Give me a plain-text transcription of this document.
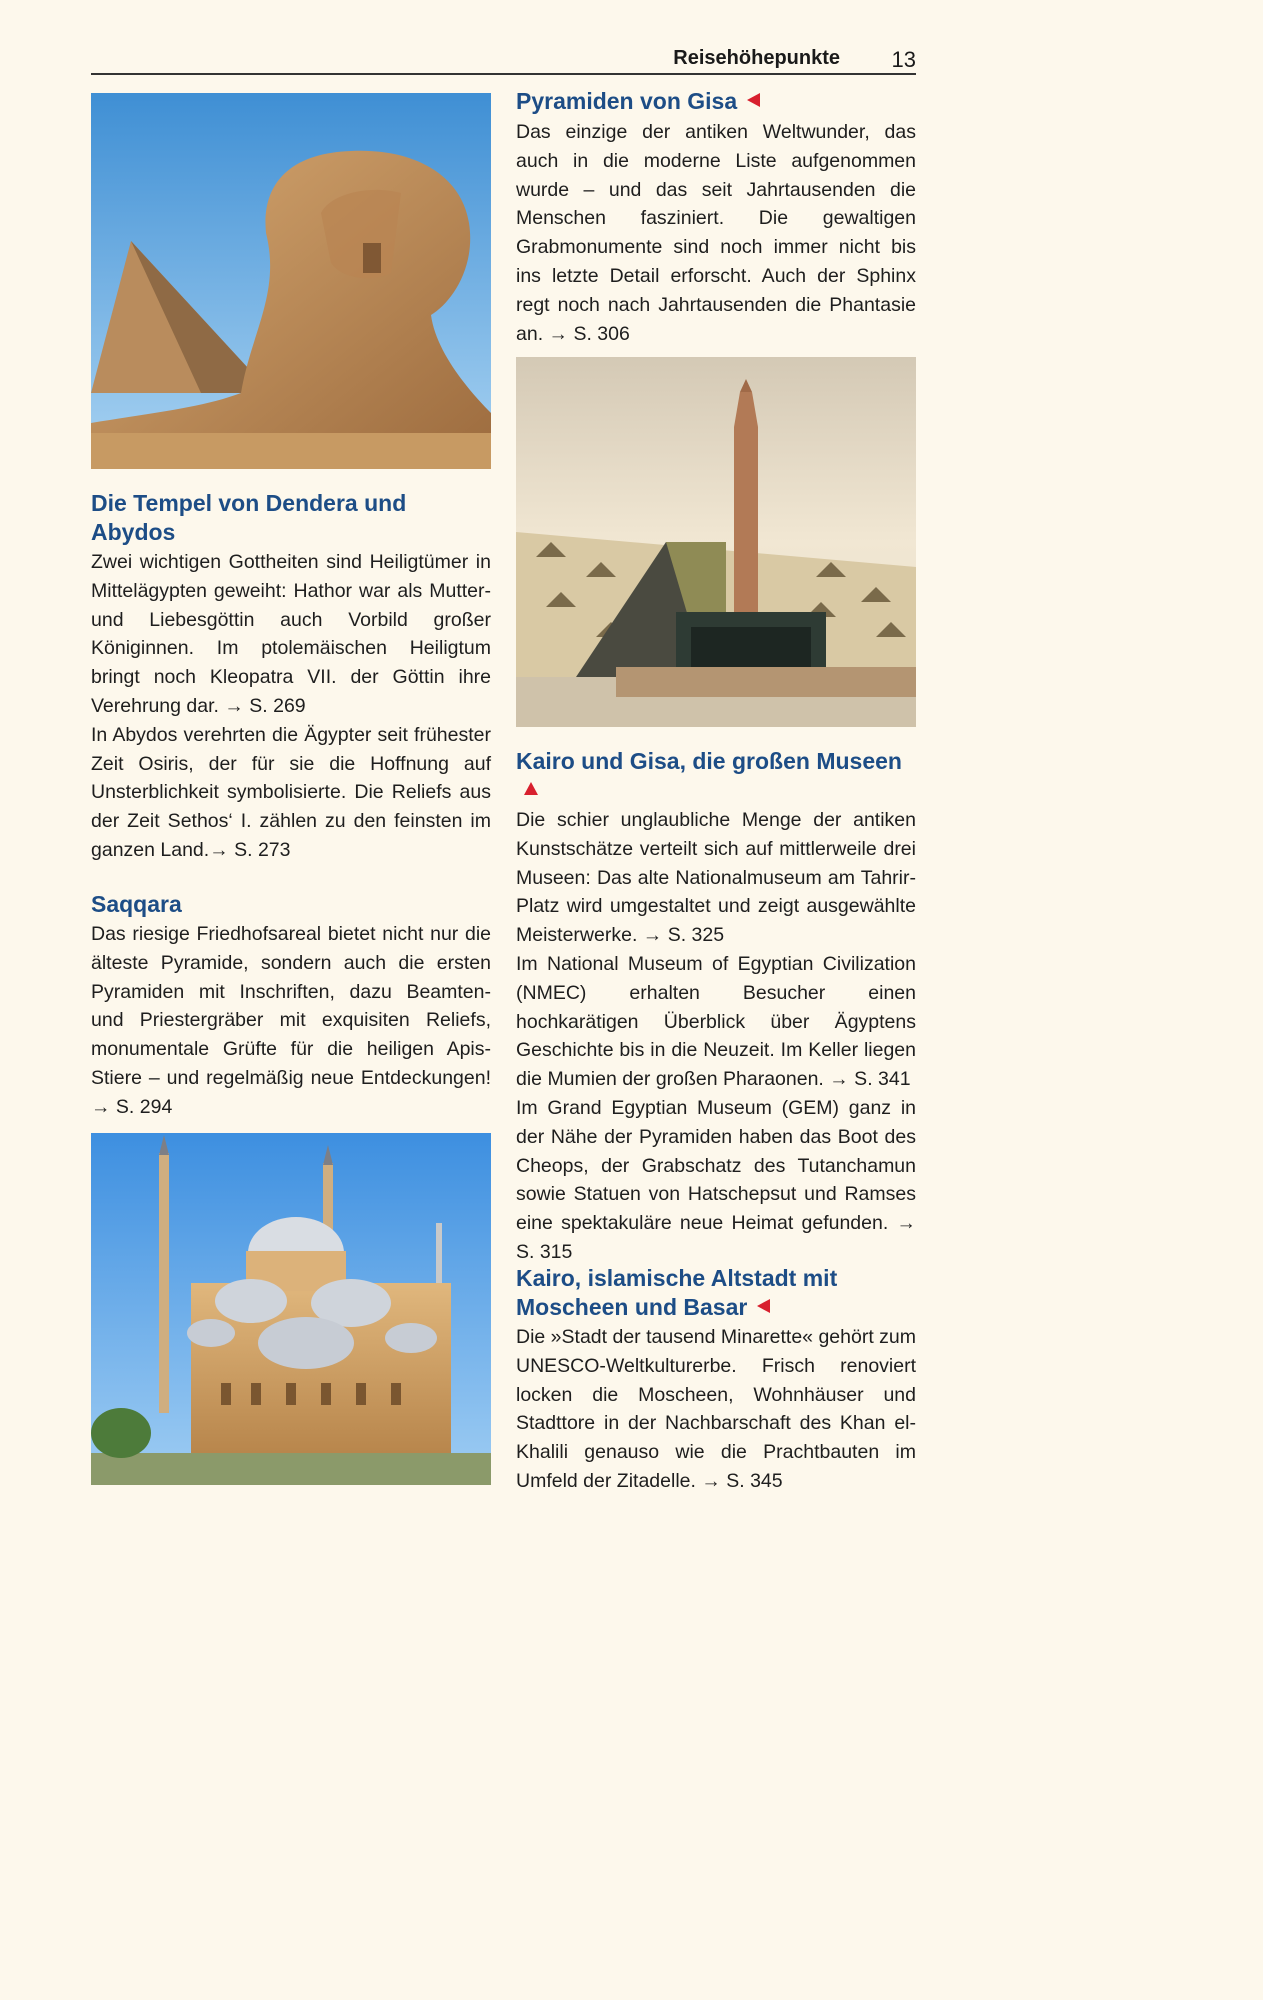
Reisehöhepunkte	13
Pyramiden von Gisa
Das einzige der antiken Weltwunder, das auch in die moderne Liste aufgenommen wurde – und das seit Jahrtausenden die Menschen fasziniert. Die gewaltigen Grabmonumente sind noch immer nicht bis ins letzte Detail erforscht. Auch der Sphinx regt noch nach Jahrtausenden die Phantasie an. → S. 306
Die Tempel von Dendera und Abydos
Zwei wichtigen Gottheiten sind Heiligtümer in Mittelägypten geweiht: Hathor war als Mutter- und Liebesgöttin auch Vorbild großer Königinnen. Im ptolemäischen Heiligtum bringt noch Kleopatra VII. der Göttin ihre Verehrung dar. → S. 269
In Abydos verehrten die Ägypter seit frühester Zeit Osiris, der für sie die Hoffnung auf Unsterblichkeit symbolisierte. Die Reliefs aus der Zeit Sethos‘ I. zählen zu den feinsten im ganzen Land.→ S. 273
Saqqara
Das riesige Friedhofsareal bietet nicht nur die älteste Pyramide, sondern auch die ersten Pyramiden mit Inschriften, dazu Beamten- und Priestergräber mit exquisiten Reliefs, monumentale Grüfte für die heiligen Apis-Stiere – und regelmäßig neue Entdeckungen! → S. 294
Kairo und Gisa, die großen Museen
Die schier unglaubliche Menge der antiken Kunstschätze verteilt sich auf mittlerweile drei Museen: Das alte Nationalmuseum am Tahrir-Platz wird umgestaltet und zeigt ausgewählte Meisterwerke. → S. 325
Im National Museum of Egyptian Civilization (NMEC) erhalten Besucher einen hochkarätigen Überblick über Ägyptens Geschichte bis in die Neuzeit. Im Keller liegen die Mumien der großen Pharaonen. → S. 341
Im Grand Egyptian Museum (GEM) ganz in der Nähe der Pyramiden haben das Boot des Cheops, der Grabschatz des Tutanchamun sowie Statuen von Hatschepsut und Ramses eine spektakuläre neue Heimat gefunden. → S. 315
Kairo, islamische Altstadt mit Moscheen und Basar
Die »Stadt der tausend Minarette« gehört zum UNESCO-Weltkulturerbe. Frisch renoviert locken die Moscheen, Wohnhäuser und Stadttore in der Nachbarschaft des Khan el-Khalili genauso wie die Prachtbauten im Umfeld der Zitadelle. → S. 345
